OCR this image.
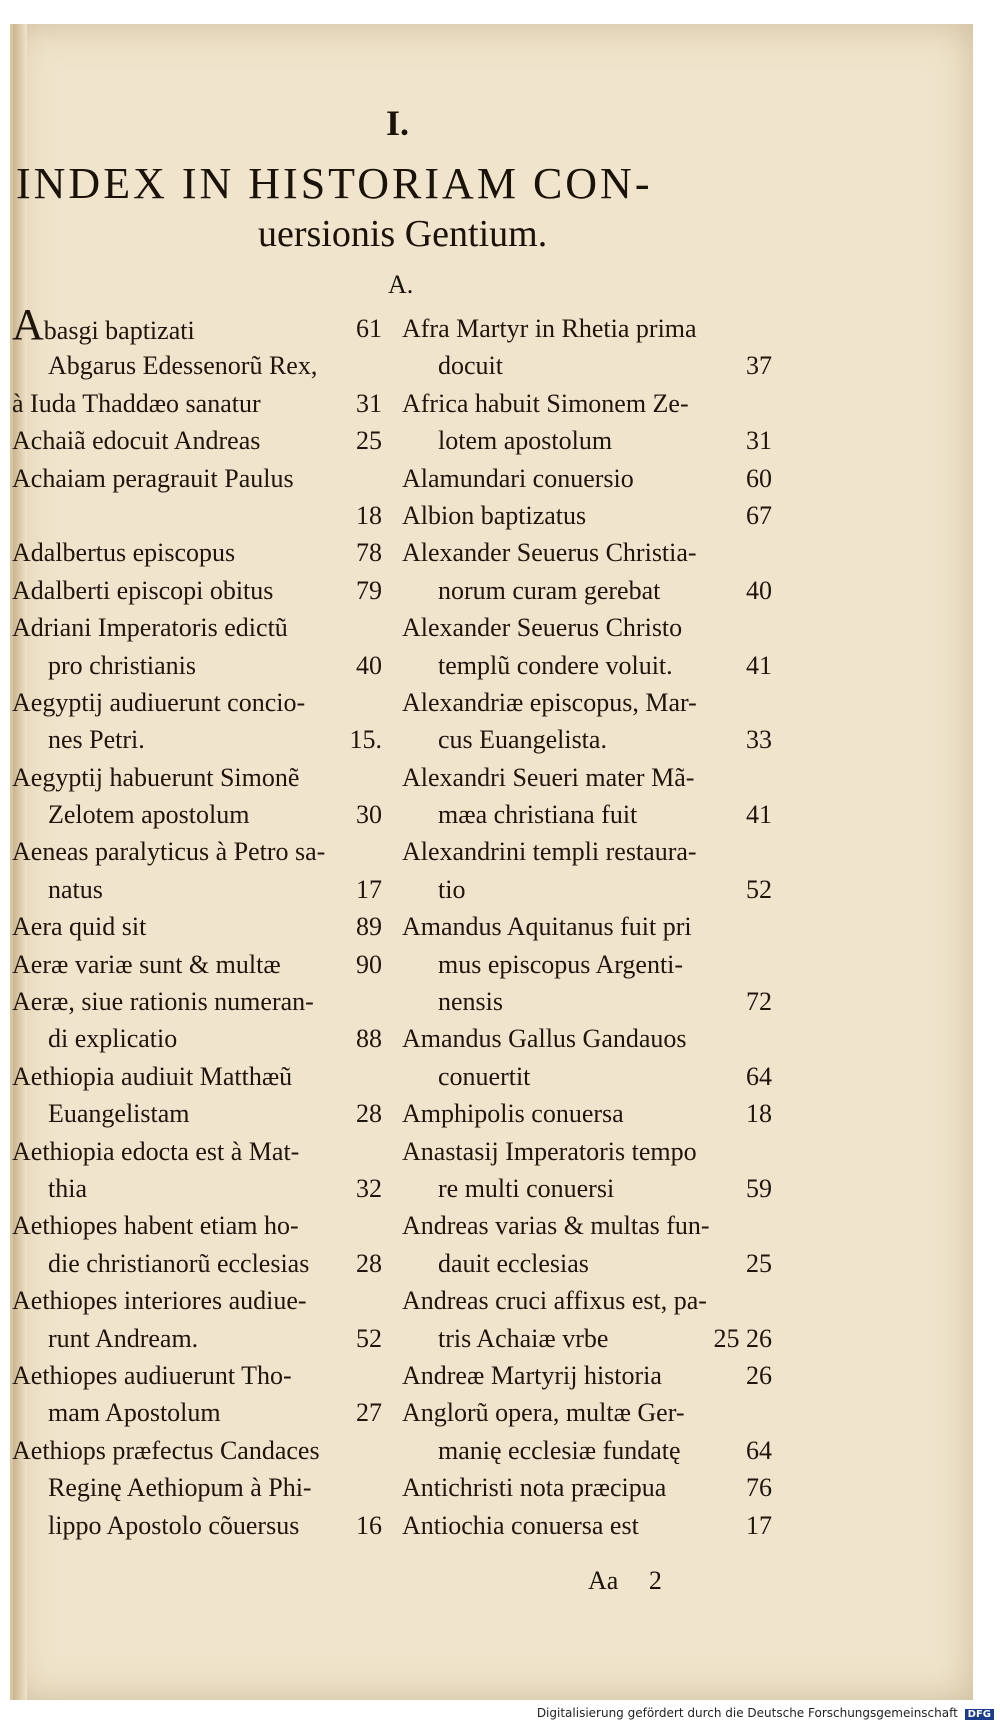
I.
INDEX IN HISTORIAM CON-
uersionis Gentium.
A.
Abasgi baptizati	61
Abgarus Edessenorũ Rex,
à Iuda Thaddæo sanatur	31
Achaiã edocuit Andreas	25
Achaiam peragrauit Paulus
18
Adalbertus episcopus	78
Adalberti episcopi obitus	79
Adriani Imperatoris edictũ
pro christianis	40
Aegyptij audiuerunt concio-
nes Petri.	15.
Aegyptij habuerunt Simonẽ
Zelotem apostolum	30
Aeneas paralyticus à Petro sa-
natus	17
Aera quid sit	89
Aeræ variæ sunt & multæ	90
Aeræ, siue rationis numeran-
di explicatio	88
Aethiopia audiuit Matthæũ
Euangelistam	28
Aethiopia edocta est à Mat-
thia	32
Aethiopes habent etiam ho-
die christianorũ ecclesias 28
Aethiopes interiores audiue-
runt Andream.	52
Aethiopes audiuerunt Tho-
mam Apostolum	27
Aethiops præfectus Candaces
Reginę Aethiopum à Phi-
lippo Apostolo cõuersus 16
Afra Martyr in Rhetia prima
docuit	37
Africa habuit Simonem Ze-
lotem apostolum	31
Alamundari conuersio	60
Albion baptizatus	67
Alexander Seuerus Christia-
norum curam gerebat	40
Alexander Seuerus Christo
templũ condere voluit.	41
Alexandriæ episcopus, Mar-
cus Euangelista.	33
Alexandri Seueri mater Mã-
mæa christiana fuit	41
Alexandrini templi restaura-
tio	52
Amandus Aquitanus fuit pri
mus episcopus Argenti-
nensis	72
Amandus Gallus Gandauos
conuertit	64
Amphipolis conuersa	18
Anastasij Imperatoris tempo
re multi conuersi	59
Andreas varias & multas fun-
dauit ecclesias	25
Andreas cruci affixus est, pa-
tris Achaiæ vrbe	25 26
Andreæ Martyrij historia	26
Anglorũ opera, multæ Ger-
manię ecclesiæ fundatę	64
Antichristi nota præcipua	76
Antiochia conuersa est	17
Aa 2
Digitalisierung gefördert durch die Deutsche Forschungsgemeinschaft DFG
